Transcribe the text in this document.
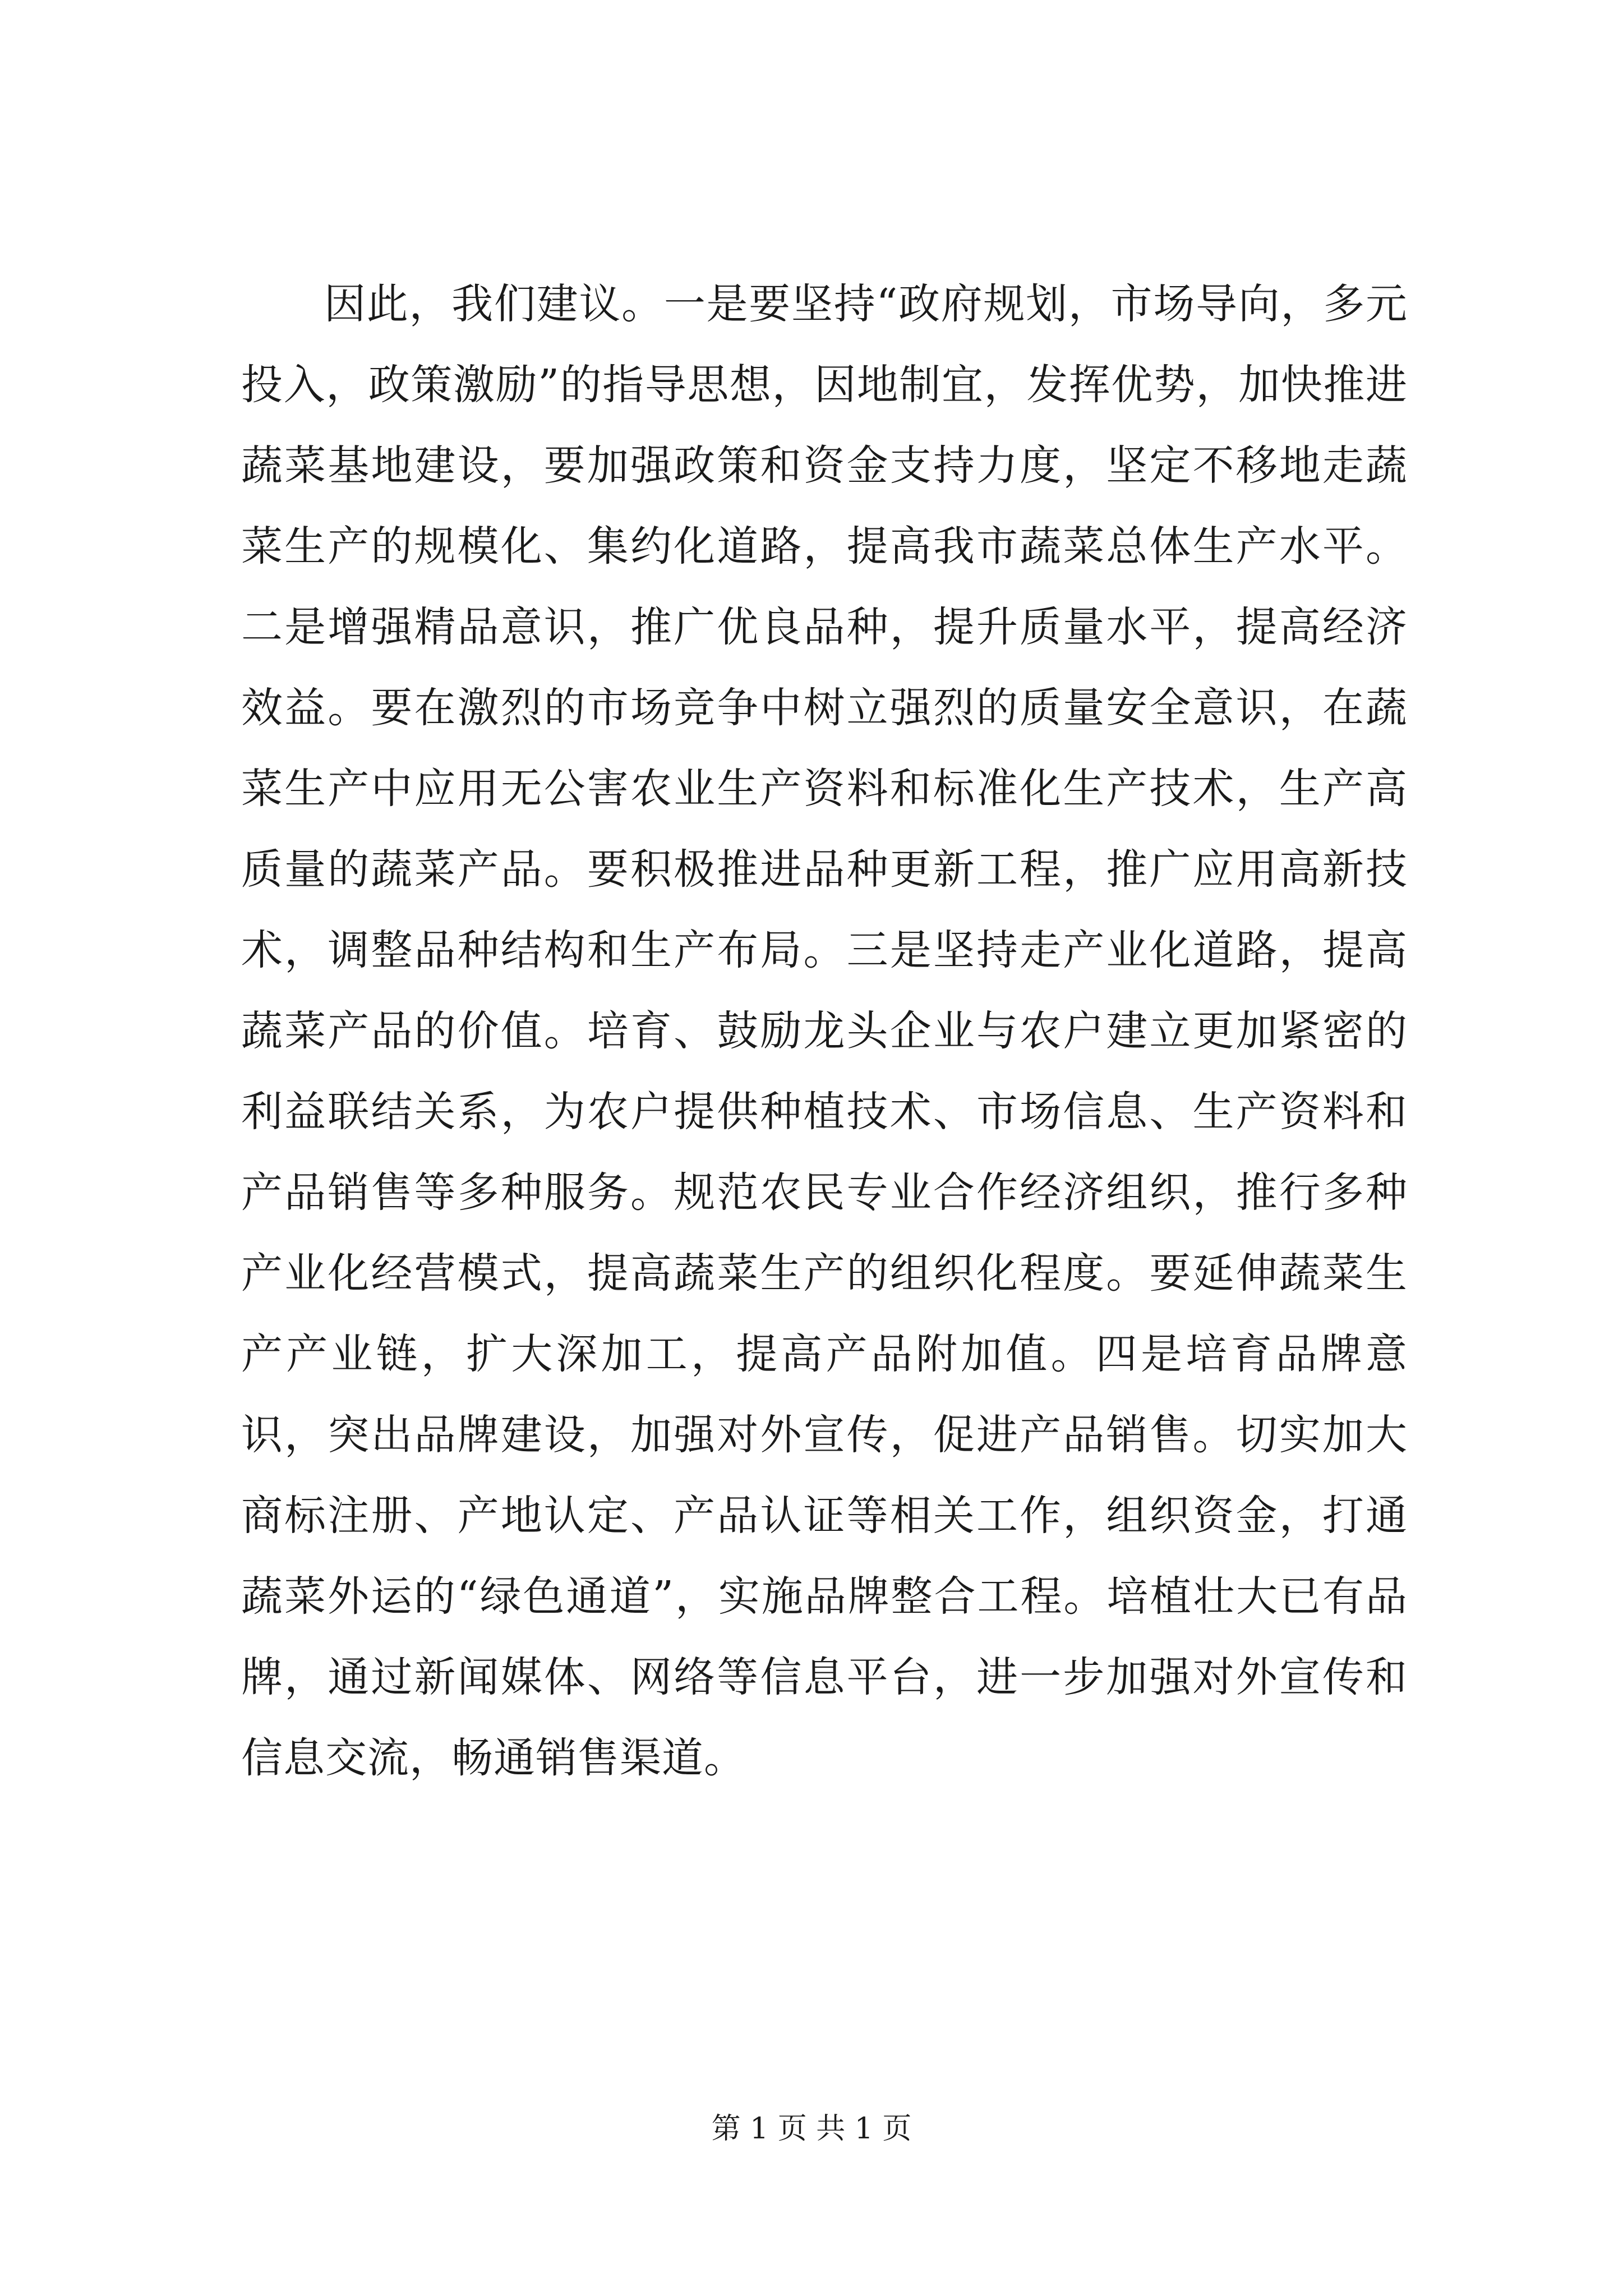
因此，我们建议。一是要坚持“政府规划，市场导向，多元投入，政策激励”的指导思想，因地制宜，发挥优势，加快推进蔬菜基地建设，要加强政策和资金支持力度，坚定不移地走蔬菜生产的规模化、集约化道路，提高我市蔬菜总体生产水平。二是增强精品意识，推广优良品种，提升质量水平，提高经济效益。要在激烈的市场竞争中树立强烈的质量安全意识，在蔬菜生产中应用无公害农业生产资料和标准化生产技术，生产高质量的蔬菜产品。要积极推进品种更新工程，推广应用高新技术，调整品种结构和生产布局。三是坚持走产业化道路，提高蔬菜产品的价值。培育、鼓励龙头企业与农户建立更加紧密的利益联结关系，为农户提供种植技术、市场信息、生产资料和产品销售等多种服务。规范农民专业合作经济组织，推行多种产业化经营模式，提高蔬菜生产的组织化程度。要延伸蔬菜生产产业链，扩大深加工，提高产品附加值。四是培育品牌意识，突出品牌建设，加强对外宣传，促进产品销售。切实加大商标注册、产地认定、产品认证等相关工作，组织资金，打通蔬菜外运的“绿色通道”，实施品牌整合工程。培植壮大已有品牌，通过新闻媒体、网络等信息平台，进一步加强对外宣传和信息交流，畅通销售渠道。

第 1 页 共 1 页
